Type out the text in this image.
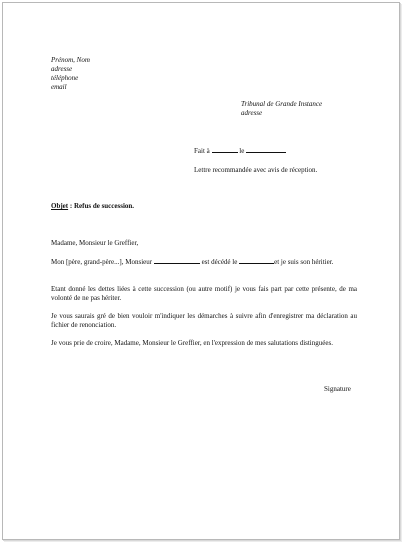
Prénom, Nom
adresse
téléphone
email
Tribunal de Grande Instance
adresse
Fait à	le
Lettre recommandée avec avis de réception.
Objet : Refus de succession.
Madame, Monsieur le Greffier,
Mon [père, grand-père...], Monsieur	est décédé le	et je suis son héritier.
Etant donné les dettes liées à cette succession (ou autre motif) je vous fais part par cette présente, de ma volonté de ne pas hériter.
Je vous saurais gré de bien vouloir m'indiquer les démarches à suivre afin d'enregistrer ma déclaration au fichier de renonciation.
Je vous prie de croire, Madame, Monsieur le Greffier, en l'expression de mes salutations distinguées.
Signature
